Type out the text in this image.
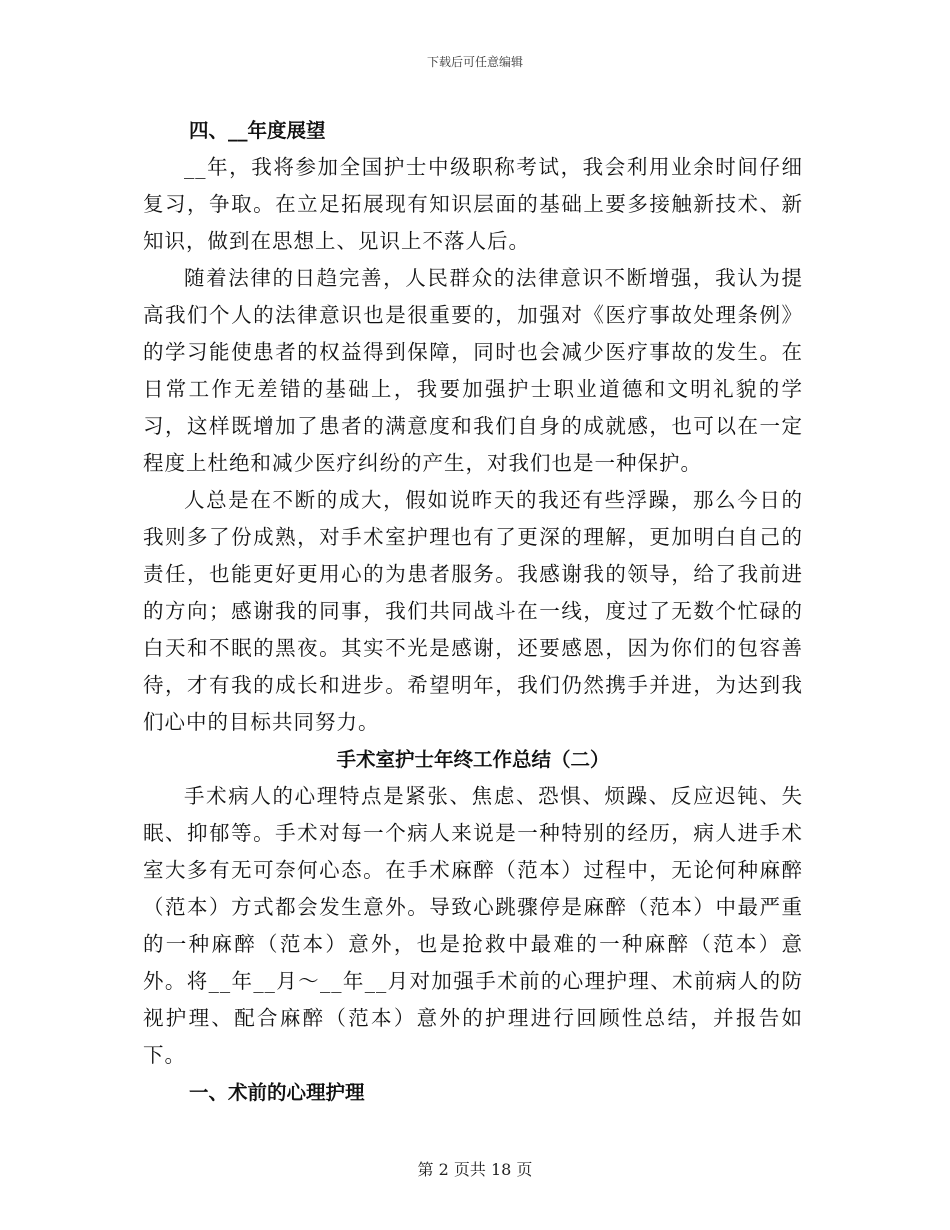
下载后可任意编辑

四、__年度展望

__年，我将参加全国护士中级职称考试，我会利用业余时间仔细复习，争取。在立足拓展现有知识层面的基础上要多接触新技术、新知识，做到在思想上、见识上不落人后。

随着法律的日趋完善，人民群众的法律意识不断增强，我认为提高我们个人的法律意识也是很重要的，加强对《医疗事故处理条例》的学习能使患者的权益得到保障，同时也会减少医疗事故的发生。在日常工作无差错的基础上，我要加强护士职业道德和文明礼貌的学习，这样既增加了患者的满意度和我们自身的成就感，也可以在一定程度上杜绝和减少医疗纠纷的产生，对我们也是一种保护。

人总是在不断的成大，假如说昨天的我还有些浮躁，那么今日的我则多了份成熟，对手术室护理也有了更深的理解，更加明白自己的责任，也能更好更用心的为患者服务。我感谢我的领导，给了我前进的方向；感谢我的同事，我们共同战斗在一线，度过了无数个忙碌的白天和不眠的黑夜。其实不光是感谢，还要感恩，因为你们的包容善待，才有我的成长和进步。希望明年，我们仍然携手并进，为达到我们心中的目标共同努力。

手术室护士年终工作总结（二）

手术病人的心理特点是紧张、焦虑、恐惧、烦躁、反应迟钝、失眠、抑郁等。手术对每一个病人来说是一种特别的经历，病人进手术室大多有无可奈何心态。在手术麻醉（范本）过程中，无论何种麻醉（范本）方式都会发生意外。导致心跳骤停是麻醉（范本）中最严重的一种麻醉（范本）意外，也是抢救中最难的一种麻醉（范本）意外。将__年__月～__年__月对加强手术前的心理护理、术前病人的防视护理、配合麻醉（范本）意外的护理进行回顾性总结，并报告如下。

一、术前的心理护理

第 2 页共 18 页
